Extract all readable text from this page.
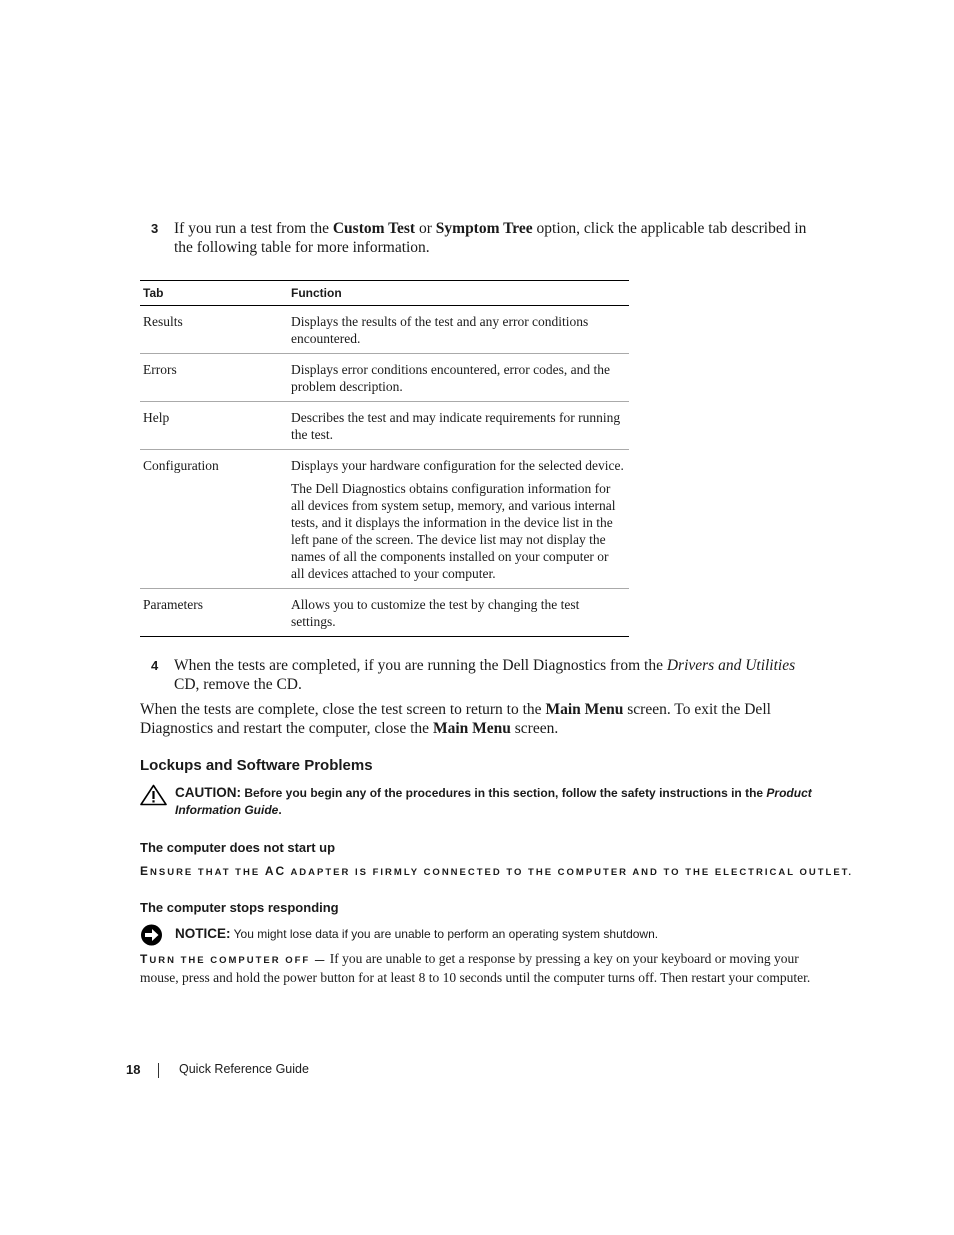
3 If you run a test from the Custom Test or Symptom Tree option, click the applicable tab described in the following table for more information.
Tab	Function
Results	Displays the results of the test and any error conditions encountered.

Errors	Displays error conditions encountered, error codes, and the problem description.

Help	Describes the test and may indicate requirements for running the test.

Configuration	Displays your hardware configuration for the selected device.

The Dell Diagnostics obtains configuration information for all devices from system setup, memory, and various internal tests, and it displays the information in the device list in the left pane of the screen. The device list may not display the names of all the components installed on your computer or all devices attached to your computer.

Parameters	Allows you to customize the test by changing the test settings.

4 When the tests are completed, if you are running the Dell Diagnostics from the Drivers and Utilities CD, remove the CD.
When the tests are complete, close the test screen to return to the Main Menu screen. To exit the Dell Diagnostics and restart the computer, close the Main Menu screen.
Lockups and Software Problems
CAUTION: Before you begin any of the procedures in this section, follow the safety instructions in the Product Information Guide.
The computer does not start up
ENSURE THAT THE AC ADAPTER IS FIRMLY CONNECTED TO THE COMPUTER AND TO THE ELECTRICAL OUTLET.
The computer stops responding
NOTICE: You might lose data if you are unable to perform an operating system shutdown.
TURN THE COMPUTER OFF — If you are unable to get a response by pressing a key on your keyboard or moving your mouse, press and hold the power button for at least 8 to 10 seconds until the computer turns off. Then restart your computer.
18	Quick Reference Guide
